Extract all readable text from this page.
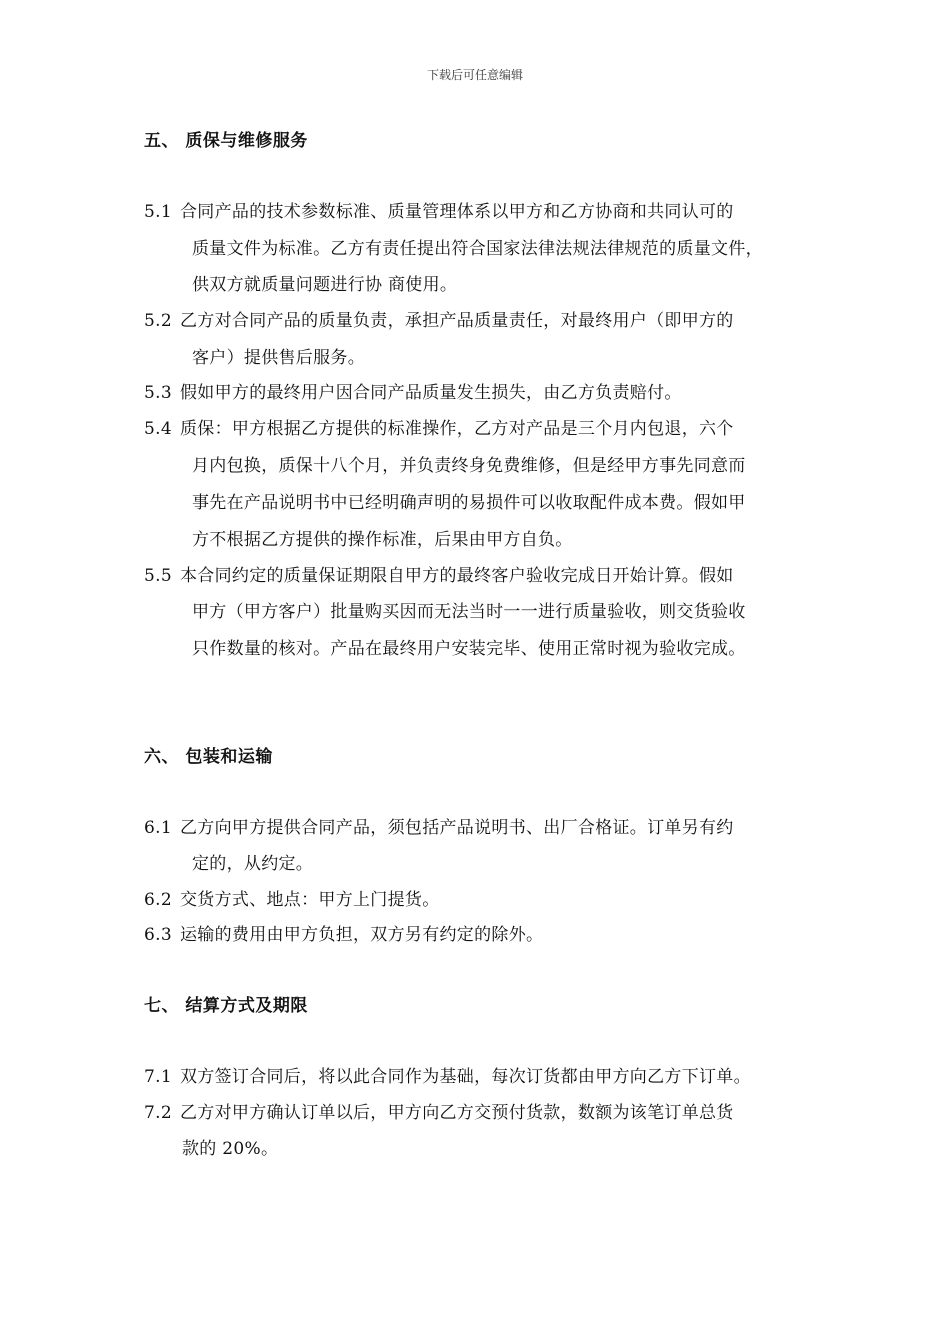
下载后可任意编辑
五、 质保与维修服务
5.1 合同产品的技术参数标准、质量管理体系以甲方和乙方协商和共同认可的
质量文件为标准。乙方有责任提出符合国家法律法规法律规范的质量文件，
供双方就质量问题进行协 商使用。
5.2 乙方对合同产品的质量负责，承担产品质量责任，对最终用户（即甲方的
客户）提供售后服务。
5.3 假如甲方的最终用户因合同产品质量发生损失，由乙方负责赔付。
5.4 质保：甲方根据乙方提供的标准操作，乙方对产品是三个月内包退，六个
月内包换，质保十八个月，并负责终身免费维修，但是经甲方事先同意而
事先在产品说明书中已经明确声明的易损件可以收取配件成本费。假如甲
方不根据乙方提供的操作标准，后果由甲方自负。
5.5 本合同约定的质量保证期限自甲方的最终客户验收完成日开始计算。假如
甲方（甲方客户）批量购买因而无法当时一一进行质量验收，则交货验收
只作数量的核对。产品在最终用户安装完毕、使用正常时视为验收完成。
六、 包装和运输
6.1 乙方向甲方提供合同产品，须包括产品说明书、出厂合格证。订单另有约
定的，从约定。
6.2 交货方式、地点：甲方上门提货。
6.3 运输的费用由甲方负担，双方另有约定的除外。
七、 结算方式及期限
7.1 双方签订合同后，将以此合同作为基础，每次订货都由甲方向乙方下订单。
7.2 乙方对甲方确认订单以后，甲方向乙方交预付货款，数额为该笔订单总货
款的 20%。
